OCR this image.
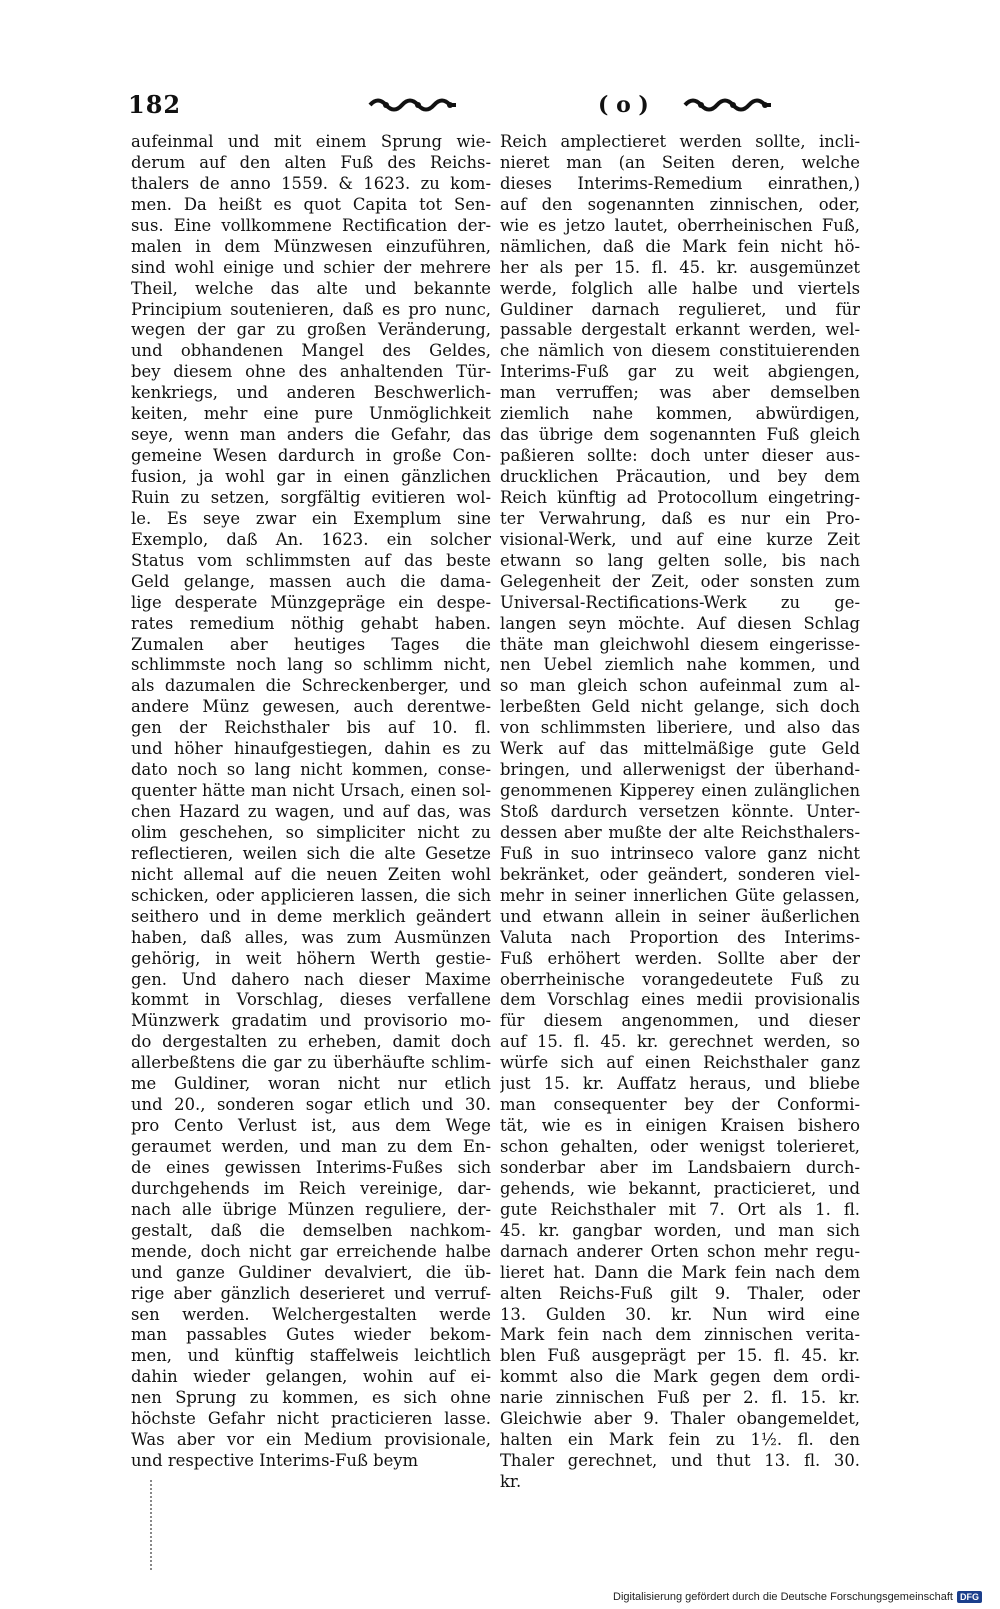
182	( o )
aufeinmal und mit einem Sprung wie-
derum auf den alten Fuß des Reichs-
thalers de anno 1559. & 1623. zu kom-
men. Da heißt es quot Capita tot Sen-
sus. Eine vollkommene Rectification der-
malen in dem Münzwesen einzuführen,
sind wohl einige und schier der mehrere
Theil, welche das alte und bekannte
Principium soutenieren, daß es pro nunc,
wegen der gar zu großen Veränderung,
und obhandenen Mangel des Geldes,
bey diesem ohne des anhaltenden Tür-
kenkriegs, und anderen Beschwerlich-
keiten, mehr eine pure Unmöglichkeit
seye, wenn man anders die Gefahr, das
gemeine Wesen dardurch in große Con-
fusion, ja wohl gar in einen gänzlichen
Ruin zu setzen, sorgfältig evitieren wol-
le. Es seye zwar ein Exemplum sine
Exemplo, daß An. 1623. ein solcher
Status vom schlimmsten auf das beste
Geld gelange, massen auch die dama-
lige desperate Münzgepräge ein despe-
rates remedium nöthig gehabt haben.
Zumalen aber heutiges Tages die
schlimmste noch lang so schlimm nicht,
als dazumalen die Schreckenberger, und
andere Münz gewesen, auch derentwe-
gen der Reichsthaler bis auf 10. fl.
und höher hinaufgestiegen, dahin es zu
dato noch so lang nicht kommen, conse-
quenter hätte man nicht Ursach, einen sol-
chen Hazard zu wagen, und auf das, was
olim geschehen, so simpliciter nicht zu
reflectieren, weilen sich die alte Gesetze
nicht allemal auf die neuen Zeiten wohl
schicken, oder applicieren lassen, die sich
seithero und in deme merklich geändert
haben, daß alles, was zum Ausmünzen
gehörig, in weit höhern Werth gestie-
gen. Und dahero nach dieser Maxime
kommt in Vorschlag, dieses verfallene
Münzwerk gradatim und provisorio mo-
do dergestalten zu erheben, damit doch
allerbeßtens die gar zu überhäufte schlim-
me Guldiner, woran nicht nur etlich
und 20., sonderen sogar etlich und 30.
pro Cento Verlust ist, aus dem Wege
geraumet werden, und man zu dem En-
de eines gewissen Interims-Fußes sich
durchgehends im Reich vereinige, dar-
nach alle übrige Münzen reguliere, der-
gestalt, daß die demselben nachkom-
mende, doch nicht gar erreichende halbe
und ganze Guldiner devalviert, die üb-
rige aber gänzlich deserieret und verruf-
sen werden. Welchergestalten werde
man passables Gutes wieder bekom-
men, und künftig staffelweis leichtlich
dahin wieder gelangen, wohin auf ei-
nen Sprung zu kommen, es sich ohne
höchste Gefahr nicht practicieren lasse.
Was aber vor ein Medium provisionale,
und respective Interims-Fuß beym
Reich amplectieret werden sollte, incli-
nieret man (an Seiten deren, welche
dieses Interims-Remedium einrathen,)
auf den sogenannten zinnischen, oder,
wie es jetzo lautet, oberrheinischen Fuß,
nämlichen, daß die Mark fein nicht hö-
her als per 15. fl. 45. kr. ausgemünzet
werde, folglich alle halbe und viertels
Guldiner darnach regulieret, und für
passable dergestalt erkannt werden, wel-
che nämlich von diesem constituierenden
Interims-Fuß gar zu weit abgiengen,
man verruffen; was aber demselben
ziemlich nahe kommen, abwürdigen,
das übrige dem sogenannten Fuß gleich
paßieren sollte: doch unter dieser aus-
drucklichen Präcaution, und bey dem
Reich künftig ad Protocollum eingetring-
ter Verwahrung, daß es nur ein Pro-
visional-Werk, und auf eine kurze Zeit
etwann so lang gelten solle, bis nach
Gelegenheit der Zeit, oder sonsten zum
Universal-Rectifications-Werk zu ge-
langen seyn möchte. Auf diesen Schlag
thäte man gleichwohl diesem eingerisse-
nen Uebel ziemlich nahe kommen, und
so man gleich schon aufeinmal zum al-
lerbeßten Geld nicht gelange, sich doch
von schlimmsten liberiere, und also das
Werk auf das mittelmäßige gute Geld
bringen, und allerwenigst der überhand-
genommenen Kipperey einen zulänglichen
Stoß dardurch versetzen könnte. Unter-
dessen aber mußte der alte Reichsthalers-
Fuß in suo intrinseco valore ganz nicht
bekränket, oder geändert, sonderen viel-
mehr in seiner innerlichen Güte gelassen,
und etwann allein in seiner äußerlichen
Valuta nach Proportion des Interims-
Fuß erhöhert werden. Sollte aber der
oberrheinische vorangedeutete Fuß zu
dem Vorschlag eines medii provisionalis
für diesem angenommen, und dieser
auf 15. fl. 45. kr. gerechnet werden, so
würfe sich auf einen Reichsthaler ganz
just 15. kr. Auffatz heraus, und bliebe
man consequenter bey der Conformi-
tät, wie es in einigen Kraisen bishero
schon gehalten, oder wenigst tolerieret,
sonderbar aber im Landsbaiern durch-
gehends, wie bekannt, practicieret, und
gute Reichsthaler mit 7. Ort als 1. fl.
45. kr. gangbar worden, und man sich
darnach anderer Orten schon mehr regu-
lieret hat. Dann die Mark fein nach dem
alten Reichs-Fuß gilt 9. Thaler, oder
13. Gulden 30. kr. Nun wird eine
Mark fein nach dem zinnischen verita-
blen Fuß ausgeprägt per 15. fl. 45. kr.
kommt also die Mark gegen dem ordi-
narie zinnischen Fuß per 2. fl. 15. kr.
Gleichwie aber 9. Thaler obangemeldet,
halten ein Mark fein zu 1½. fl. den
Thaler gerechnet, und thut 13. fl. 30.
kr.
Digitalisierung gefördert durch die Deutsche Forschungsgemeinschaft DFG
